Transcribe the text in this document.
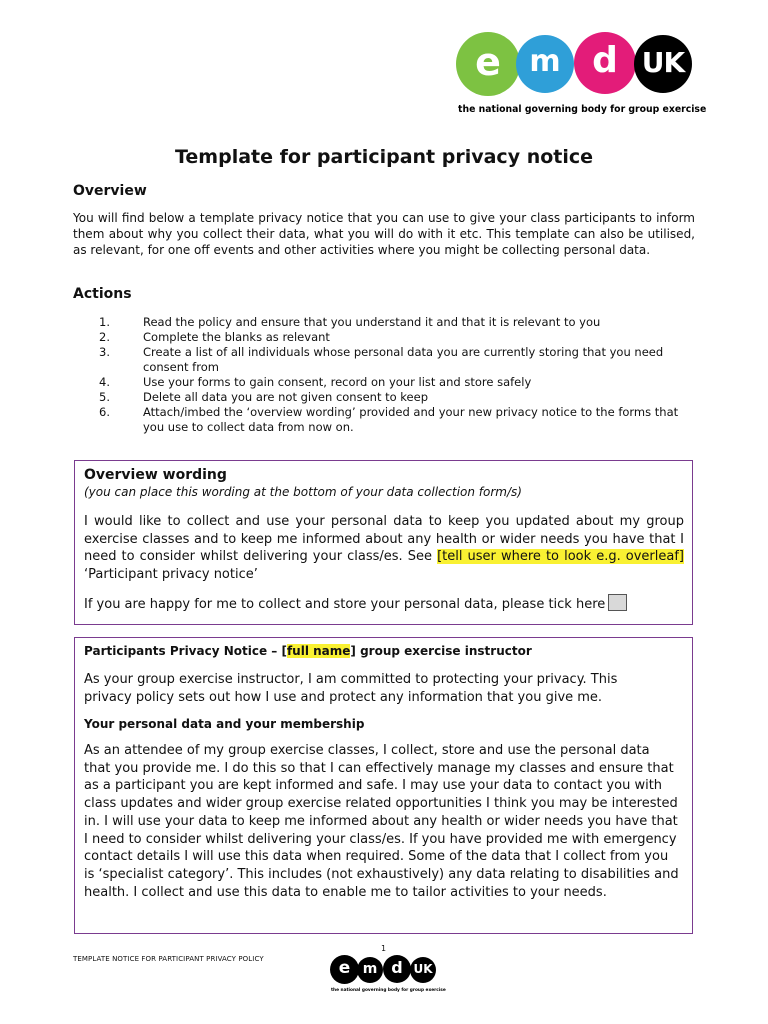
e m d UK
the national governing body for group exercise
Template for participant privacy notice
Overview
You will find below a template privacy notice that you can use to give your class participants to inform them about why you collect their data, what you will do with it etc. This template can also be utilised, as relevant, for one off events and other activities where you might be collecting personal data.
Actions
1.	Read the policy and ensure that you understand it and that it is relevant to you
2.	Complete the blanks as relevant
3.	Create a list of all individuals whose personal data you are currently storing that you need consent from
4.	Use your forms to gain consent, record on your list and store safely
5.	Delete all data you are not given consent to keep
6.	Attach/imbed the ‘overview wording’ provided and your new privacy notice to the forms that you use to collect data from now on.
Overview wording
(you can place this wording at the bottom of your data collection form/s)
I would like to collect and use your personal data to keep you updated about my group exercise classes and to keep me informed about any health or wider needs you have that I need to consider whilst delivering your class/es. See [tell user where to look e.g. overleaf] ‘Participant privacy notice’
If you are happy for me to collect and store your personal data, please tick here
Participants Privacy Notice – [full name] group exercise instructor
As your group exercise instructor, I am committed to protecting your privacy. This privacy policy sets out how I use and protect any information that you give me.
Your personal data and your membership
As an attendee of my group exercise classes, I collect, store and use the personal data that you provide me. I do this so that I can effectively manage my classes and ensure that as a participant you are kept informed and safe. I may use your data to contact you with class updates and wider group exercise related opportunities I think you may be interested in. I will use your data to keep me informed about any health or wider needs you have that I need to consider whilst delivering your class/es. If you have provided me with emergency contact details I will use this data when required. Some of the data that I collect from you is ‘specialist category’. This includes (not exhaustively) any data relating to disabilities and health. I collect and use this data to enable me to tailor activities to your needs.
1
TEMPLATE NOTICE FOR PARTICIPANT PRIVACY POLICY	e m d UK
the national governing body for group exercise
